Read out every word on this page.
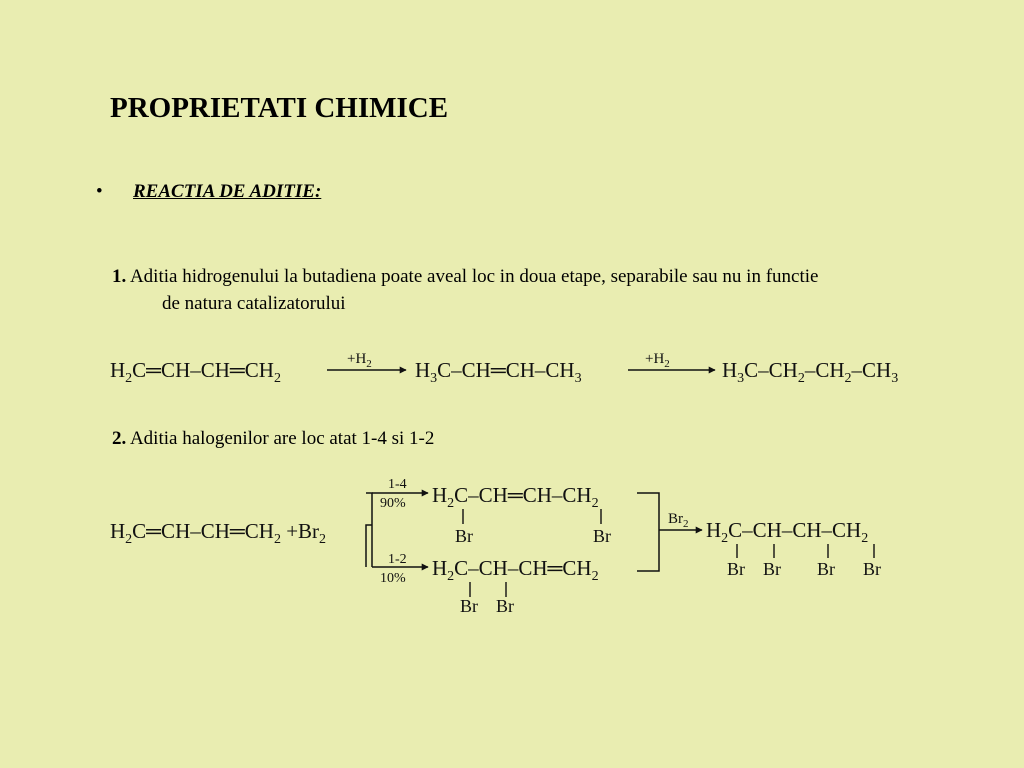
PROPRIETATI CHIMICE
• REACTIA DE ADITIE:
1. Aditia hidrogenului la butadiena poate aveal loc in doua etape, separabile sau nu in functie
de natura catalizatorului
2. Aditia halogenilor are loc atat 1-4 si 1-2
$H_2C═CH-CH═CH_2$
$+H_2$ $H_3C-CH═CH-CH_3$
$+H_2$ $H_3C-CH_2-CH_2-CH_3$
$H_2C═CH-CH═CH_2 +Br_2$
1-4
90%
1-2
10%
$H_2C-CH═CH-CH_2$
Br	Br
$H_2C-CH-CH═CH_2$
Br Br
$Br_2$ $H_2C-CH-CH-CH_2$
Br Br Br Br
